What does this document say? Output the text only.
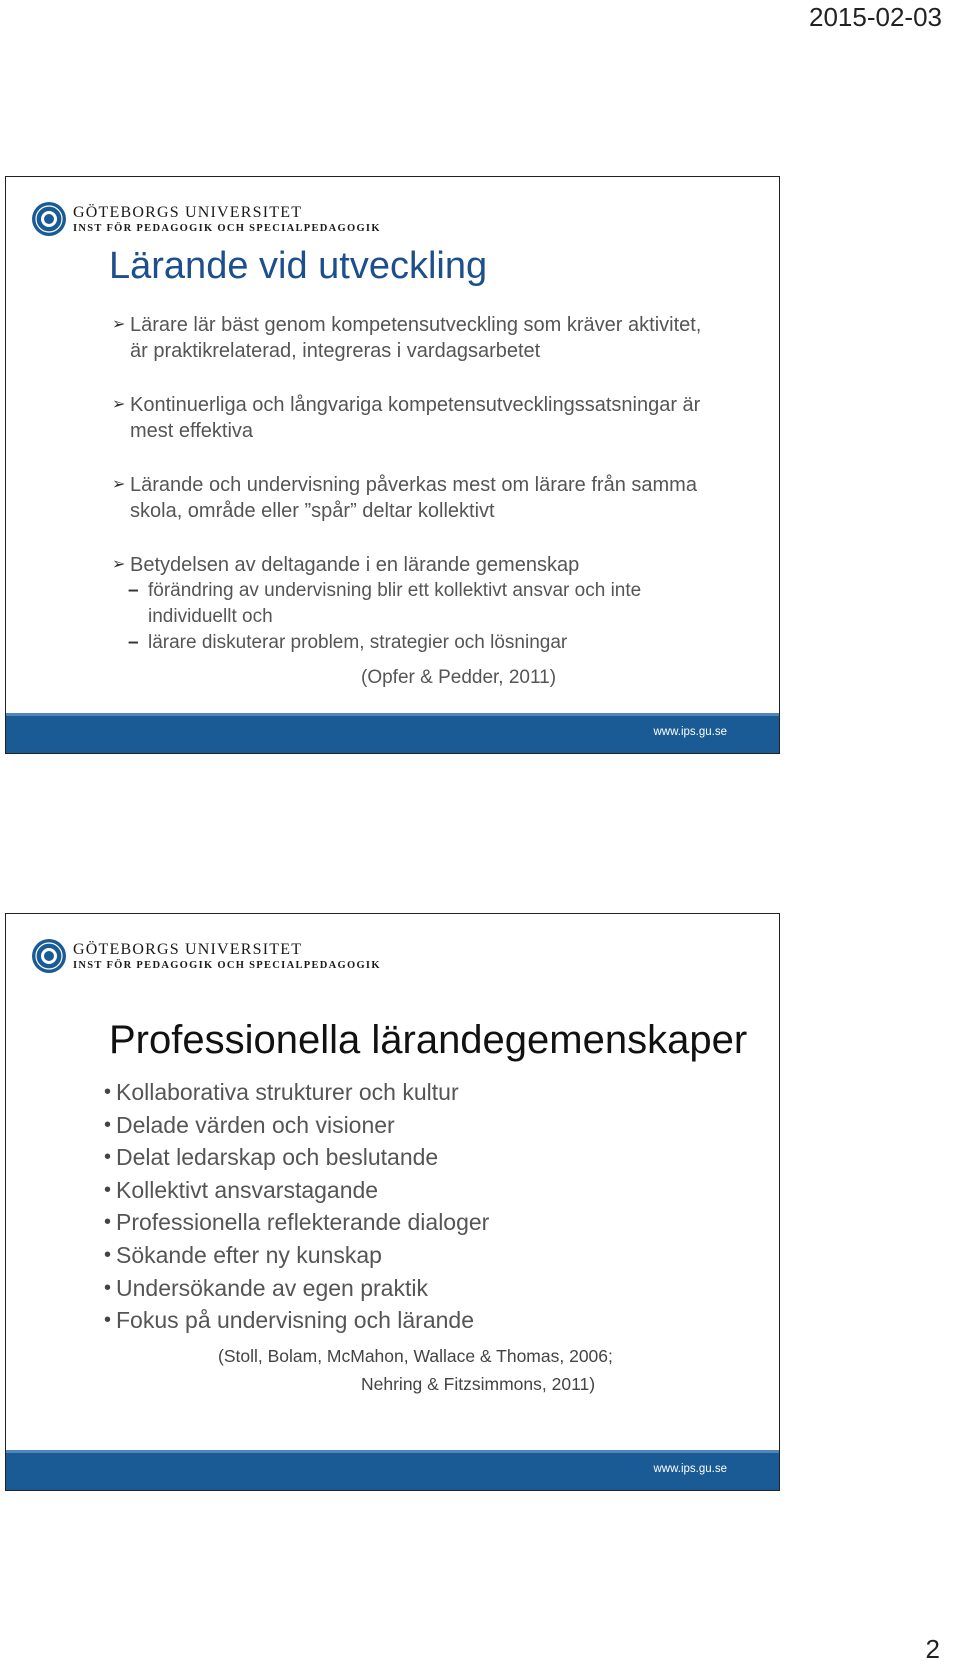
2015-02-03
GÖTEBORGS UNIVERSITET
INST FÖR PEDAGOGIK OCH SPECIALPEDAGOGIK
Lärande vid utveckling
➢ Lärare lär bäst genom kompetensutveckling som kräver aktivitet,
är praktikrelaterad, integreras i vardagsarbetet
➢ Kontinuerliga och långvariga kompetensutvecklingssatsningar är
mest effektiva
➢ Lärande och undervisning påverkas mest om lärare från samma
skola, område eller ”spår” deltar kollektivt
➢ Betydelsen av deltagande i en lärande gemenskap
– förändring av undervisning blir ett kollektivt ansvar och inte
individuellt och
– lärare diskuterar problem, strategier och lösningar
(Opfer & Pedder, 2011)
www.ips.gu.se
GÖTEBORGS UNIVERSITET
INST FÖR PEDAGOGIK OCH SPECIALPEDAGOGIK
Professionella lärandegemenskaper
• Kollaborativa strukturer och kultur
• Delade värden och visioner
• Delat ledarskap och beslutande
• Kollektivt ansvarstagande
• Professionella reflekterande dialoger
• Sökande efter ny kunskap
• Undersökande av egen praktik
• Fokus på undervisning och lärande
(Stoll, Bolam, McMahon, Wallace & Thomas, 2006;
Nehring & Fitzsimmons, 2011)
www.ips.gu.se
2
